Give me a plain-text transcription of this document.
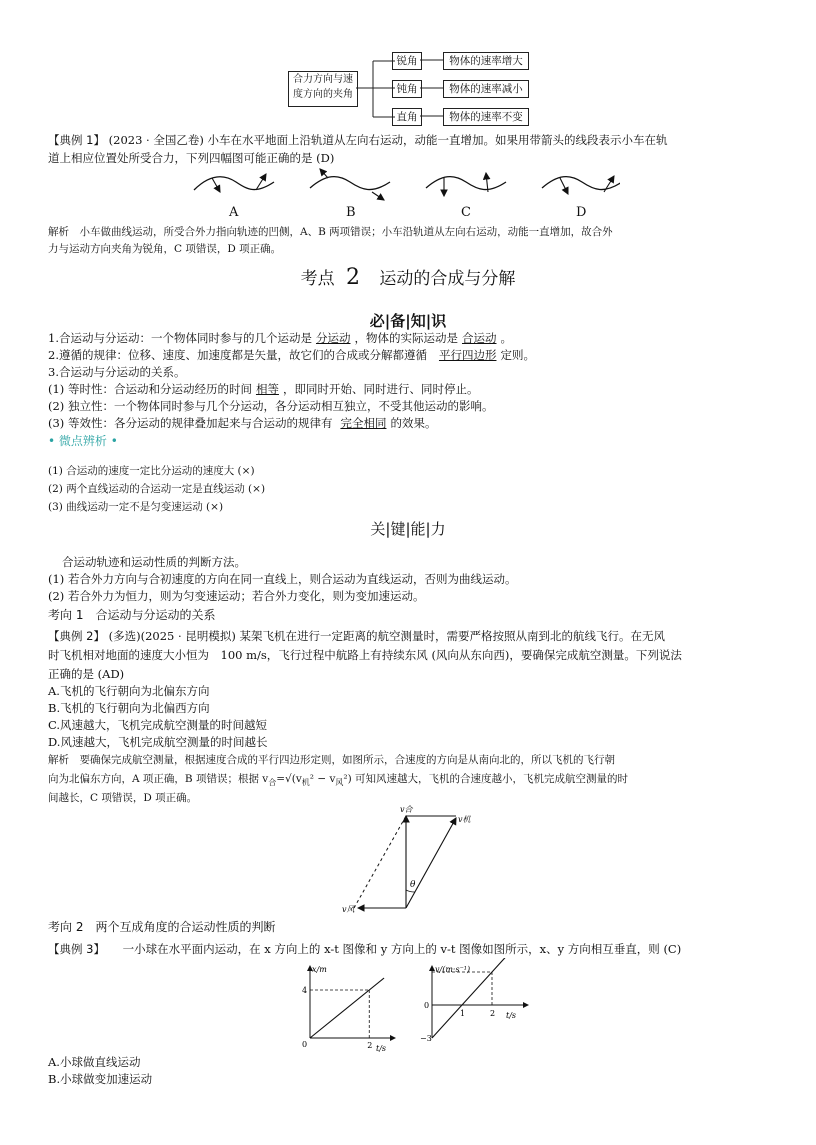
合力方向与速度方向的夹角
锐角
钝角
直角
物体的速率增大
物体的速率减小
物体的速率不变
【典例 1】 (2023 · 全国乙卷) 小车在水平地面上沿轨道从左向右运动，动能一直增加。如果用带箭头的线段表示小车在轨
道上相应位置处所受合力，下列四幅图可能正确的是 (D)
A	B	C	D
解析　小车做曲线运动，所受合外力指向轨迹的凹侧，A、B 两项错误；小车沿轨道从左向右运动，动能一直增加，故合外
力与运动方向夹角为锐角，C 项错误，D 项正确。
考点 2 运动的合成与分解
必|备|知|识
1.合运动与分运动：一个物体同时参与的几个运动是 分运动 ，物体的实际运动是 合运动 。
2.遵循的规律：位移、速度、加速度都是矢量，故它们的合成或分解都遵循 平行四边形 定则。
3.合运动与分运动的关系。
(1) 等时性：合运动和分运动经历的时间 相等 ，即同时开始、同时进行、同时停止。
(2) 独立性：一个物体同时参与几个分运动，各分运动相互独立，不受其他运动的影响。
(3) 等效性：各分运动的规律叠加起来与合运动的规律有 完全相同 的效果。
• 微点辨析 •
(1) 合运动的速度一定比分运动的速度大 (×)
(2) 两个直线运动的合运动一定是直线运动 (×)
(3) 曲线运动一定不是匀变速运动 (×)
关|键|能|力
合运动轨迹和运动性质的判断方法。
(1) 若合外力方向与合初速度的方向在同一直线上，则合运动为直线运动，否则为曲线运动。
(2) 若合外力为恒力，则为匀变速运动；若合外力变化，则为变加速运动。
考向 1　合运动与分运动的关系
【典例 2】 (多选)(2025 · 昆明模拟) 某架飞机在进行一定距离的航空测量时，需要严格按照从南到北的航线飞行。在无风
时飞机相对地面的速度大小恒为　100 m/s，飞行过程中航路上有持续东风 (风向从东向西)，要确保完成航空测量。下列说法
正确的是 (AD)
A.飞机的飞行朝向为北偏东方向
B.飞机的飞行朝向为北偏西方向
C.风速越大，飞机完成航空测量的时间越短
D.风速越大，飞机完成航空测量的时间越长
解析　要确保完成航空测量，根据速度合成的平行四边形定则，如图所示，合速度的方向是从南向北的，所以飞机的飞行朝
向为北偏东方向，A 项正确，B 项错误；根据 $v_合=√(v_机^2 - v_风^2)$ 可知风速越大，飞机的合速度越小，飞机完成航空测量的时
间越长，C 项错误，D 项正确。
v合
v机
v风
θ
考向 2　两个互成角度的合运动性质的判断
【典例 3】 一小球在水平面内运动，在 x 方向上的 x-t 图像和 y 方向上的 v-t 图像如图所示，x、y 方向相互垂直，则 (C)
4
0	2
x/m
t/s
0
−3
1	2
v/(m·s⁻¹)
t/s
A.小球做直线运动
B.小球做变加速运动
